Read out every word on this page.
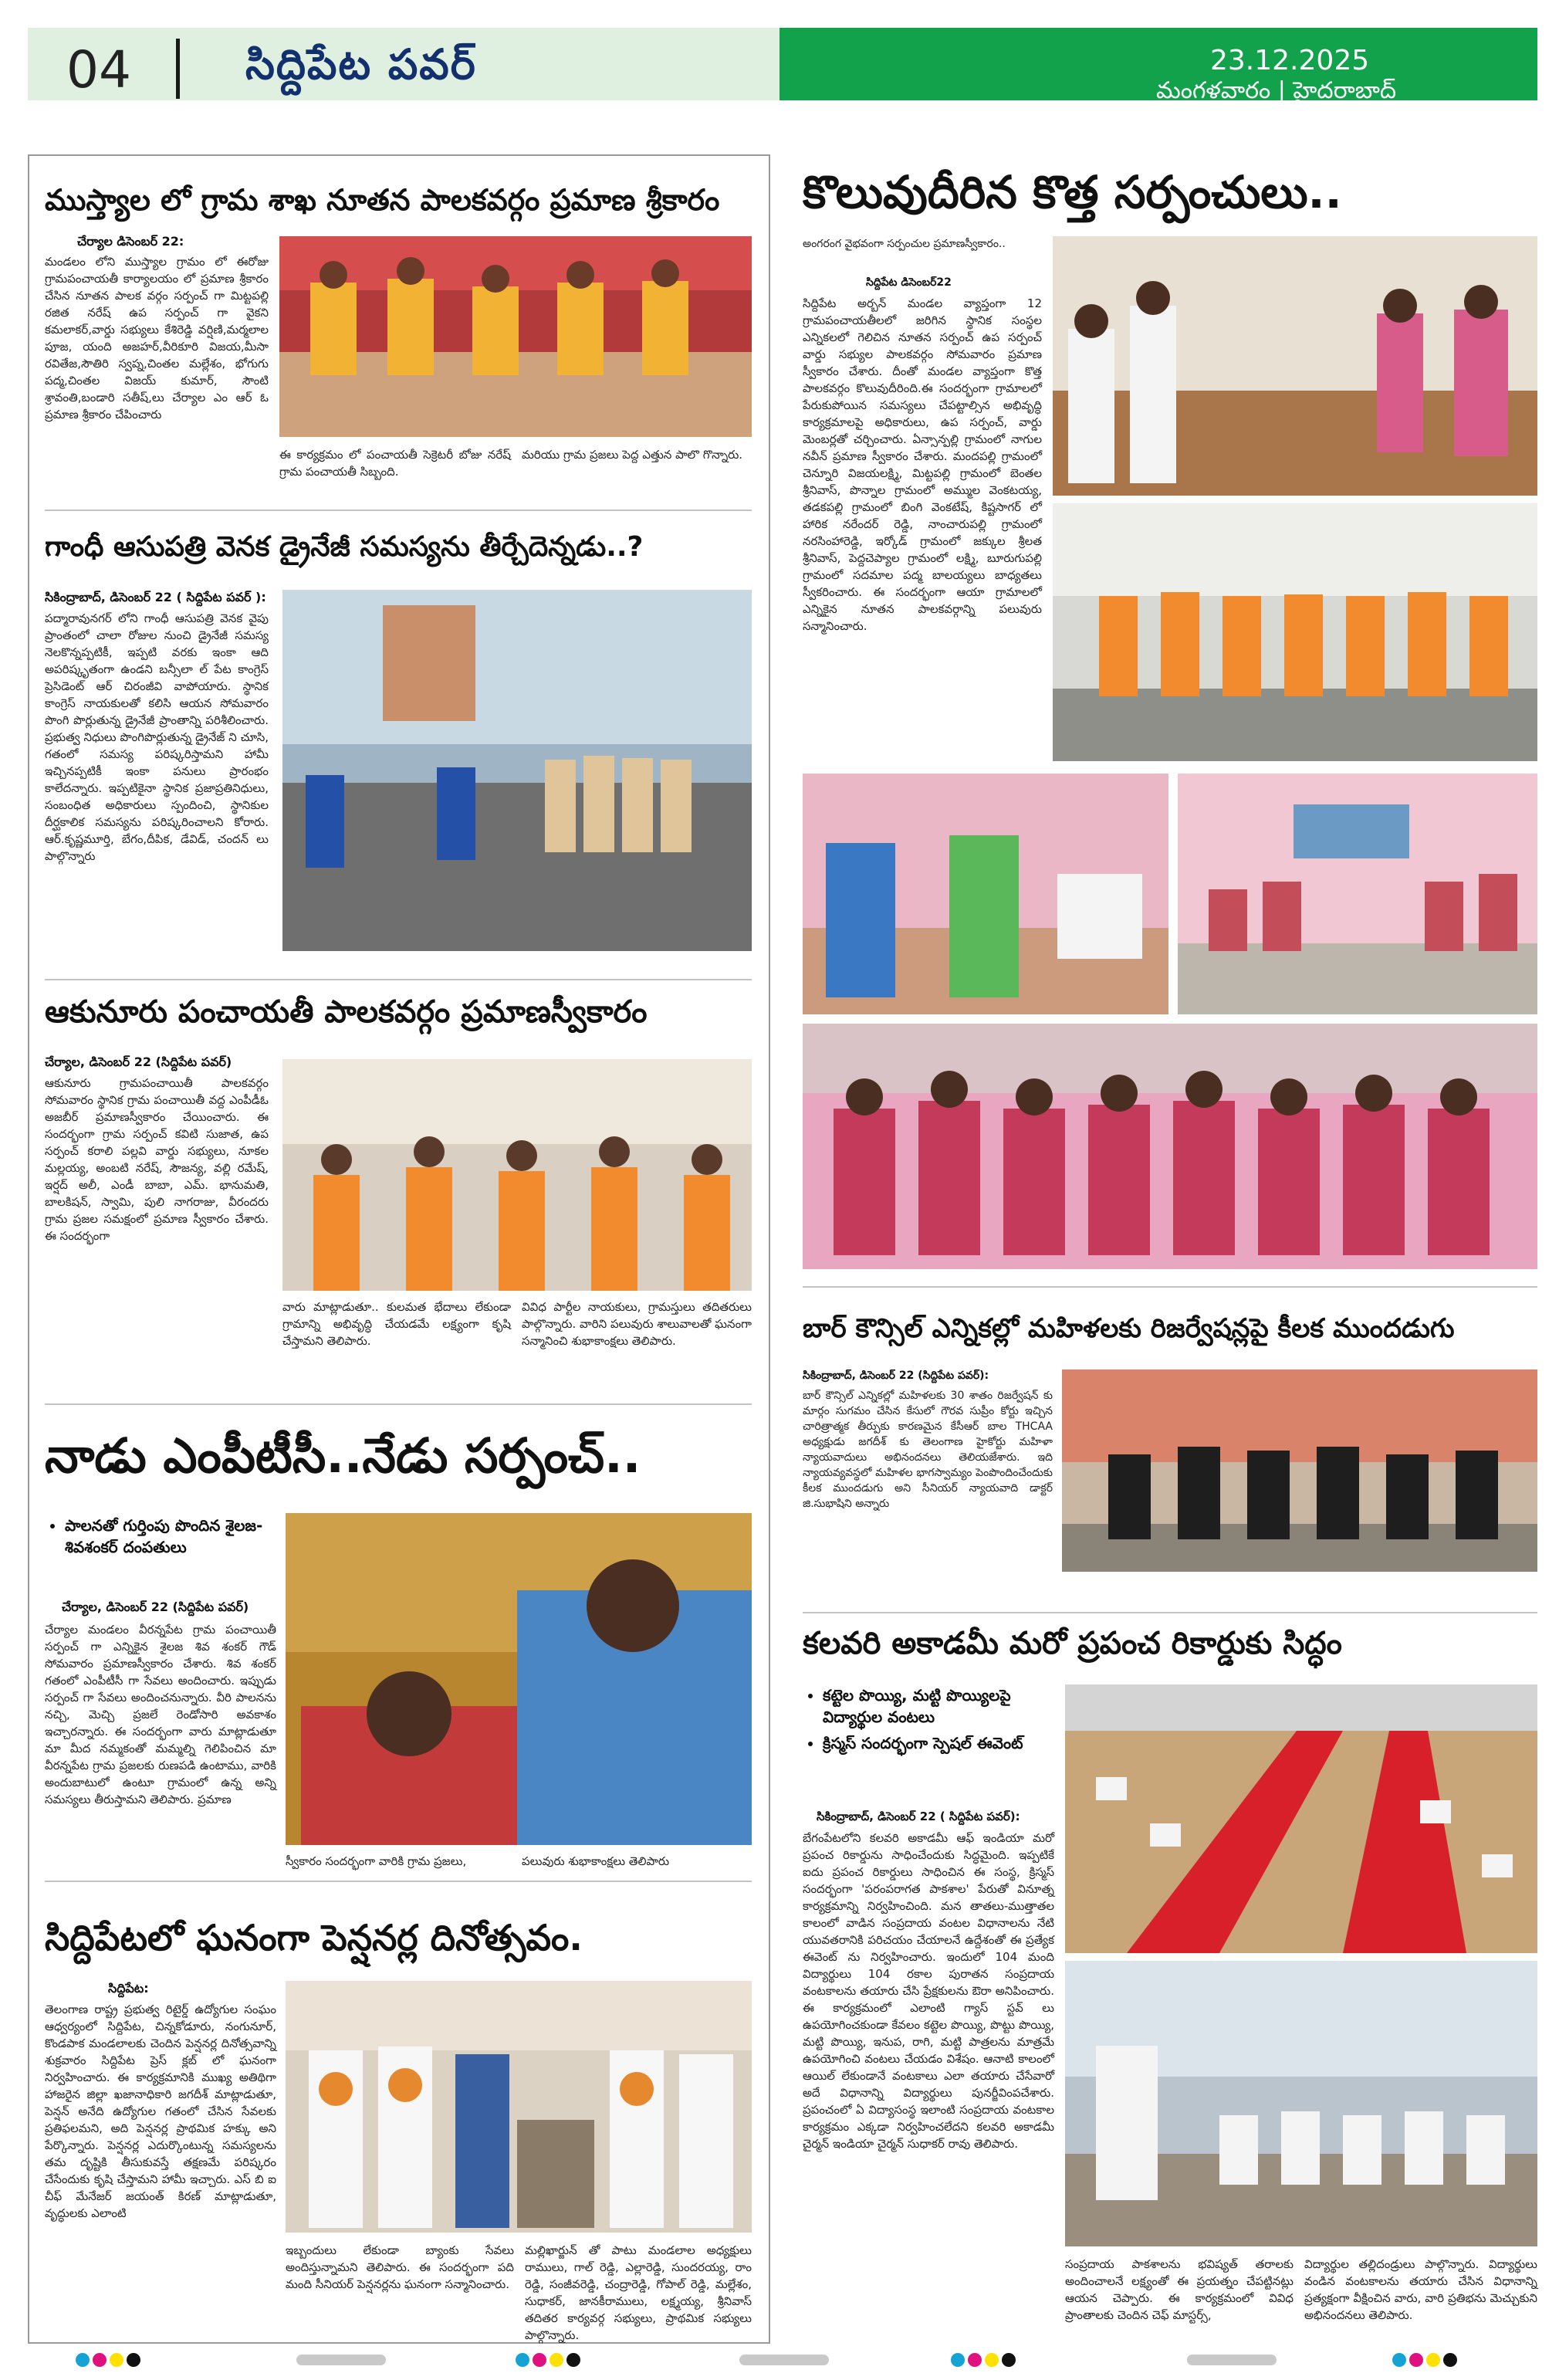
04	సిద్దిపేట పవర్	23.12.2025
మంగళవారం | హైదరాబాద్
ముస్త్యాల లో గ్రామ శాఖ నూతన పాలకవర్గం ప్రమాణ శ్రీకారం
చేర్యాల డిసెంబర్ 22:
మండలం లోని ముస్త్యాల గ్రామం లో ఈరోజు గ్రామపంచాయతీ కార్యాలయం లో ప్రమాణ శ్రీకారం చేసిన నూతన పాలక వర్గం సర్పంచ్ గా మిట్టపల్లి రజిత నరేష్ ఉప సర్పంచ్ గా వైకని కమలాకర్,వార్డు సభ్యులు కేశిరెడ్డి వర్షిణి,మర్మలాల పూజ, యంది అజహర్,వీరికూరి విజయ,మీసా రవితేజ,సౌతిరి స్వప్న,చింతల మల్లేశం, భోగుగు పద్మ,చింతల విజయ్ కుమార్, సౌంటి శ్రావంతి,బండారి సతీష్,లు చేర్యాల ఎం ఆర్ ఓ ప్రమాణ శ్రీకారం చేపించారు
ఈ కార్యక్రమం లో పంచాయతీ సెక్రెటరీ బోజు నరేష్ గ్రామ పంచాయతీ సిబ్బంది.
మరియు గ్రామ ప్రజలు పెద్ద ఎత్తున పాలొ గొన్నారు.
గాంధీ ఆసుపత్రి వెనక డ్రైనేజీ సమస్యను తీర్చేదెన్నడు..?
సికింద్రాబాద్, డిసెంబర్ 22 ( సిద్దిపేట పవర్ ):
పద్మారావునగర్ లోని గాంధీ ఆసుపత్రి వెనక వైపు ప్రాంతంలో చాలా రోజుల నుంచి డ్రైనేజీ సమస్య నెలకొన్నప్పటికీ, ఇప్పటి వరకు ఇంకా ఆది అపరిష్కృతంగా ఉండని బన్సీలా ల్ పేట కాంగ్రెస్ ప్రెసిడెంట్ ఆర్ చిరంజీవి వాపోయారు. స్థానిక కాంగ్రెస్ నాయకులతో కలిసి ఆయన సోమవారం పొంగి పొర్లుతున్న డ్రైనేజీ ప్రాంతాన్ని పరిశీలించారు. ప్రభుత్వ నిధులు పొంగిపొర్లుతున్న డ్రైనేజ్ ని చూసి, గతంలో సమస్య పరిష్కరిస్తామని హామీ ఇచ్చినప్పటికీ ఇంకా పనులు ప్రారంభం కాలేదన్నారు. ఇప్పటికైనా స్థానిక ప్రజాప్రతినిధులు, సంబంధిత అధికారులు స్పందించి, స్థానికుల దీర్ఘకాలిక సమస్యను పరిష్కరించాలని కోరారు. ఆర్.కృష్ణమూర్తి, బేగం,దీపిక, డేవిడ్, చందన్ లు పాల్గొన్నారు
ఆకునూరు పంచాయతీ పాలకవర్గం ప్రమాణస్వీకారం
చేర్యాల, డిసెంబర్ 22 (సిద్దిపేట పవర్)
ఆకునూరు గ్రామపంచాయితీ పాలకవర్గం సోమవారం స్థానిక గ్రామ పంచాయితీ వద్ద ఎంపీడీఓ అజబీర్ ప్రమాణస్వీకారం చేయించారు. ఈ సందర్భంగా గ్రామ సర్పంచ్ కవిటి సుజాత, ఉప సర్పంచ్ కరాలి పల్లవి వార్డు సభ్యులు, నూకల మల్లయ్య, అంబటి నరేష్, సౌజన్య, వల్లి రమేష్, ఇర్షద్ అలీ, ఎండీ బాబా, ఎమ్. భానుమతి, బాలకిషన్, స్వామి, పులి నాగరాజు, వీరందరు గ్రామ ప్రజల సమక్షంలో ప్రమాణ స్వీకారం చేశారు. ఈ సందర్భంగా
వారు మాట్లాడుతూ.. కులమత భేదాలు లేకుండా గ్రామాన్ని అభివృద్ధి చేయడమే లక్ష్యంగా కృషి చేస్తామని తెలిపారు.
వివిధ పార్టీల నాయకులు, గ్రామస్తులు తదితరులు పాల్గొన్నారు. వారిని పలువురు శాలువాలతో ఘనంగా సన్మానించి శుభాకాంక్షలు తెలిపారు.
నాడు ఎంపీటీసీ..నేడు సర్పంచ్..
• పాలనతో గుర్తింపు పొందిన శైలజ-శివశంకర్ దంపతులు
చేర్యాల, డిసెంబర్ 22 (సిద్దిపేట పవర్)
చేర్యాల మండలం వీరన్నపేట గ్రామ పంచాయితీ సర్పంచ్ గా ఎన్నికైన శైలజ శివ శంకర్ గౌడ్ సోమవారం ప్రమాణస్వీకారం చేశారు. శివ శంకర్ గతంలో ఎంపీటీసీ గా సేవలు అందించారు. ఇప్పుడు సర్పంచ్ గా సేవలు అందించనున్నారు. వీరి పాలనను నచ్చి, మెచ్చి ప్రజలే రెండోసారి అవకాశం ఇచ్చారన్నారు. ఈ సందర్భంగా వారు మాట్లాడుతూ మా మీద నమ్మకంతో మమ్మల్ని గెలిపించిన మా వీరన్నపేట గ్రామ ప్రజలకు రుణపడి ఉంటాము, వారికి అందుబాటులో ఉంటూ గ్రామంలో ఉన్న అన్ని సమస్యలు తీరుస్తామని తెలిపారు. ప్రమాణ
స్వీకారం సందర్భంగా వారికి గ్రామ ప్రజలు,	పలువురు శుభాకాంక్షలు తెలిపారు
సిద్దిపేటలో ఘనంగా పెన్షనర్ల దినోత్సవం.
సిద్దిపేట:
తెలంగాణ రాష్ట్ర ప్రభుత్వ రిటైర్డ్ ఉద్యోగుల సంఘం ఆధ్వర్యంలో సిద్దిపేట, చిన్నకోడూరు, నంగునూర్, కొండపాక మండలాలకు చెందిన పెన్షనర్ల దినోత్సవాన్ని శుక్రవారం సిద్దిపేట ప్రెస్ క్లబ్ లో ఘనంగా నిర్వహించారు. ఈ కార్యక్రమానికి ముఖ్య అతిథిగా హాజరైన జిల్లా ఖజానాధికారి జగదీశ్ మాట్లాడుతూ, పెన్షన్ అనేది ఉద్యోగుల గతంలో చేసిన సేవలకు ప్రతిఫలమని, అది పెన్షనర్ల ప్రాథమిక హక్కు అని పేర్కొన్నారు. పెన్షనర్ల ఎదుర్కొంటున్న సమస్యలను తమ దృష్టికి తీసుకువస్తే తక్షణమే పరిష్కరం చేసేందుకు కృషి చేస్తామని హామీ ఇచ్చారు. ఎస్ బి ఐ చీఫ్ మేనేజర్ జయంత్ కిరణ్ మాట్లాడుతూ, వృద్ధులకు ఎలాంటి
ఇబ్బందులు లేకుండా బ్యాంకు సేవలు అందిస్తున్నామని తెలిపారు. ఈ సందర్భంగా పది మంది సీనియర్ పెన్షనర్లను ఘనంగా సన్మానించారు.
మల్లిఖార్జున్ తో పాటు మండలాల అధ్యక్షులు రాములు, గాల్ రెడ్డి, ఎల్లారెడ్డి, సుందరయ్య, రాం రెడ్డి, సంజీవరెడ్డి, చంద్రారెడ్డి, గోపాల్ రెడ్డి, మల్లేశం, సుధాకర్, జానకీరాములు, లక్ష్మయ్య, శ్రీనివాస్ తదితర కార్యవర్గ సభ్యులు, ప్రాథమిక సభ్యులు పాల్గొన్నారు.
కొలువుదీరిన కొత్త సర్పంచులు..
అంగరంగ వైభవంగా సర్పంచుల ప్రమాణస్వీకారం..
సిద్దిపేట డిసెంబర్22
సిద్దిపేట అర్బన్ మండల వ్యాప్తంగా 12 గ్రామపంచాయతీలలో జరిగిన స్థానిక సంస్థల ఎన్నికలలో గెలిచిన నూతన సర్పంచ్ ఉప సర్పంచ్ వార్డు సభ్యుల పాలకవర్గం సోమవారం ప్రమాణ స్వీకారం చేశారు. దీంతో మండల వ్యాప్తంగా కొత్త పాలకవర్గం కొలువుదీరింది.ఈ సందర్భంగా గ్రామాలలో పేరుకుపోయిన సమస్యలు చేపట్టాల్సిన అభివృద్ధి కార్యక్రమాలపై అధికారులు, ఉప సర్పంచ్, వార్డు మెంబర్లతో చర్చించారు. ఏన్సాన్పల్లి గ్రామంలో నాగుల నవీన్ ప్రమాణ స్వీకారం చేశారు. మందపల్లి గ్రామంలో చెన్నూరి విజయలక్ష్మి, మిట్టపల్లి గ్రామంలో బెంతల శ్రీనివాస్, పొన్నాల గ్రామంలో అమ్ముల వెంకటయ్య, తడకపల్లి గ్రామంలో బింగి వెంకటేష్, కిష్టసాగర్ లో హారిక నరేందర్ రెడ్డి, నాంచారుపల్లి గ్రామంలో నరసింహారెడ్డి, ఇర్కోడ్ గ్రామంలో జక్కుల శ్రీలత శ్రీనివాస్, పెద్దచెప్యాల గ్రామంలో లక్ష్మి, బూరుగుపల్లి గ్రామంలో సదమాల పద్మ బాలయ్యలు బాధ్యతలు స్వీకరించారు. ఈ సందర్భంగా ఆయా గ్రామాలలో ఎన్నికైన నూతన పాలకవర్గాన్ని పలువురు సన్మానించారు.
బార్ కౌన్సిల్ ఎన్నికల్లో మహిళలకు రిజర్వేషన్లపై కీలక ముందడుగు
సికింద్రాబాద్, డిసెంబర్ 22 (సిద్దిపేట పవర్):
బార్ కౌన్సిల్ ఎన్నికల్లో మహిళలకు 30 శాతం రిజర్వేషన్ కు మార్గం సుగమం చేసిన కేసులో గౌరవ సుప్రీం కోర్టు ఇచ్చిన చారిత్రాత్మక తీర్పుకు కారణమైన కేసీఆర్ బాల THCAA అధ్యక్షుడు జగదీశ్ కు తెలంగాణ హైకోర్టు మహిళా న్యాయవాదులు అభినందనలు తెలియజేశారు. ఇది న్యాయవ్యవస్థలో మహిళల భాగస్వామ్యం పెంపొందించేందుకు కీలక ముందడుగు అని సీనియర్ న్యాయవాది డాక్టర్ జి.సుభాషిని అన్నారు
కలవరి అకాడమీ మరో ప్రపంచ రికార్డుకు సిద్ధం
• కట్టెల పొయ్యి, మట్టి పొయ్యిలపై విద్యార్థుల వంటలు
• క్రిస్మస్ సందర్భంగా స్పెషల్ ఈవెంట్
సికింద్రాబాద్, డిసెంబర్ 22 ( సిద్దిపేట పవర్):
బేగంపేటలోని కలవరి అకాడమీ ఆఫ్ ఇండియా మరో ప్రపంచ రికార్డును సాధించేందుకు సిద్ధమైంది. ఇప్పటికే ఐదు ప్రపంచ రికార్డులు సాధించిన ఈ సంస్థ, క్రిస్మస్ సందర్భంగా 'పరంపరాగత పాకశాల' పేరుతో వినూత్న కార్యక్రమాన్ని నిర్వహించింది. మన తాతలు-ముత్తాతల కాలంలో వాడిన సంప్రదాయ వంటల విధానాలను నేటి యువతరానికి పరిచయం చేయాలనే ఉద్దేశంతో ఈ ప్రత్యేక ఈవెంట్ ను నిర్వహించారు. ఇందులో 104 మంది విద్యార్థులు 104 రకాల పురాతన సంప్రదాయ వంటకాలను తయారు చేసి ప్రేక్షకులను ఔరా అనిపించారు. ఈ కార్యక్రమంలో ఎలాంటి గ్యాస్ స్టవ్ లు ఉపయోగించకుండా కేవలం కట్టెల పొయ్యి, పొట్టు పొయ్యి, మట్టి పొయ్యి, ఇనుప, రాగి, మట్టి పాత్రలను మాత్రమే ఉపయోగించి వంటలు చేయడం విశేషం. ఆనాటి కాలంలో ఆయిల్ లేకుండానే వంటకాలు ఎలా తయారు చేసేవారో అదే విధానాన్ని విద్యార్థులు పునర్జీవింపచేశారు. ప్రపంచంలో ఏ విద్యాసంస్థ ఇలాంటి సంప్రదాయ వంటకాల కార్యక్రమం ఎక్కడా నిర్వహించలేదని కలవరి అకాడమీ చైర్మన్ ఇండియా చైర్మన్ సుధాకర్ రావు తెలిపారు.
సంప్రదాయ పాకశాలను భవిష్యత్ తరాలకు అందించాలనే లక్ష్యంతో ఈ ప్రయత్నం చేపట్టినట్లు ఆయన చెప్పారు. ఈ కార్యక్రమంలో వివిధ ప్రాంతాలకు చెందిన చెఫ్ మాస్టర్స్,
విద్యార్థుల తల్లిదండ్రులు పాల్గొన్నారు. విద్యార్థులు వండిన వంటకాలను తయారు చేసిన విధానాన్ని ప్రత్యక్షంగా వీక్షించిన వారు, వారి ప్రతిభను మెచ్చుకుని అభినందనలు తెలిపారు.
